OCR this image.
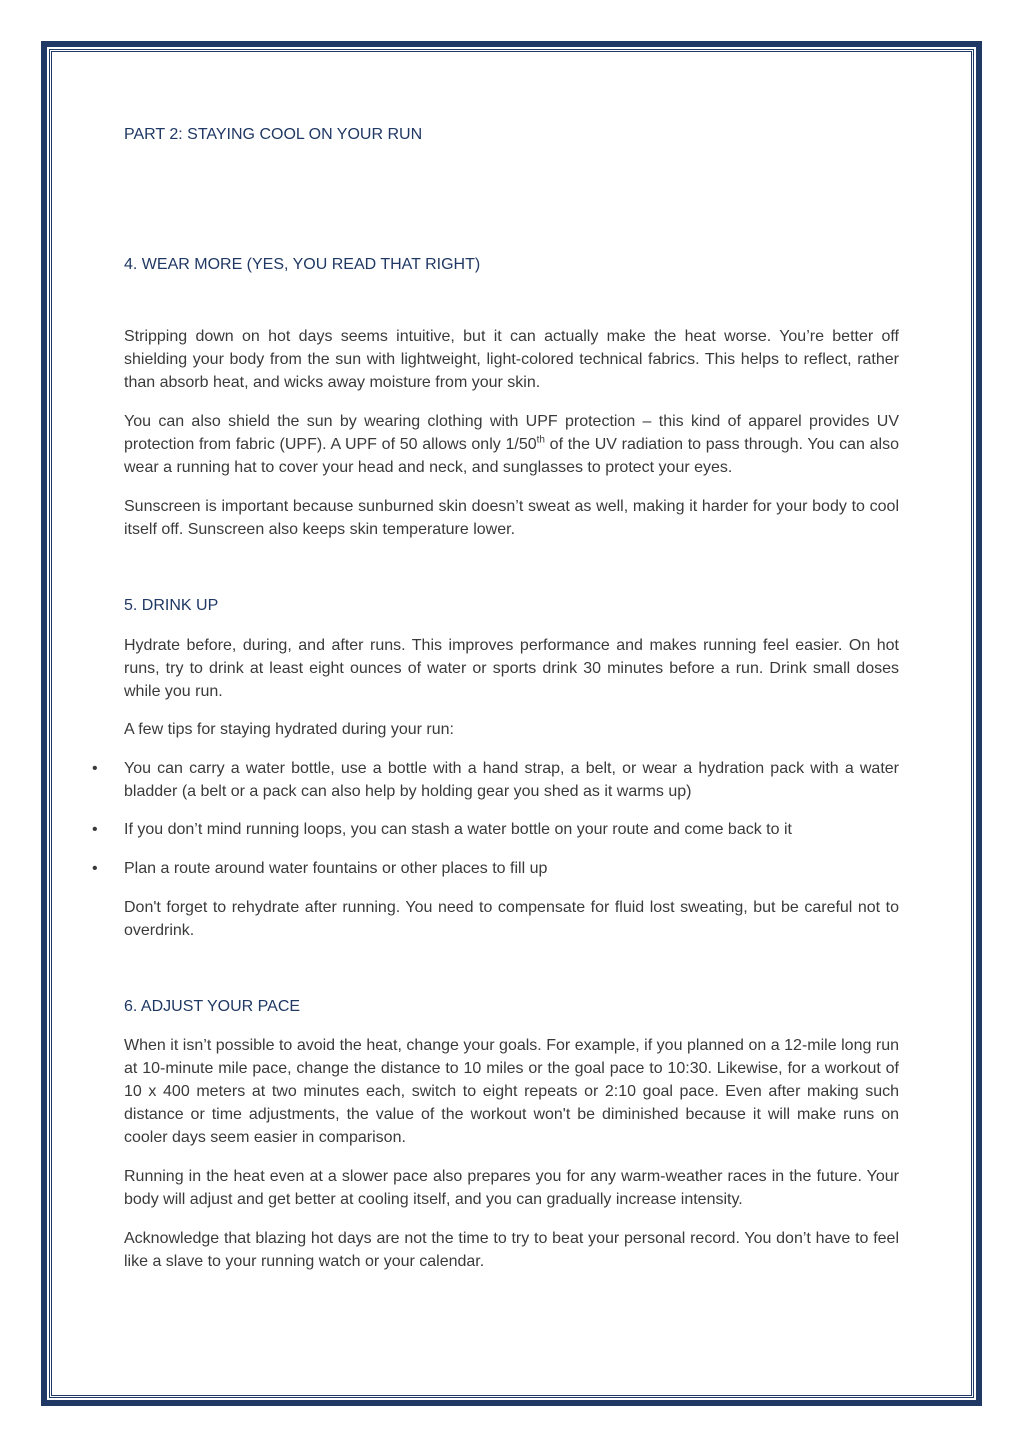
PART 2: STAYING COOL ON YOUR RUN
4. WEAR MORE (YES, YOU READ THAT RIGHT)

Stripping down on hot days seems intuitive, but it can actually make the heat worse. You’re better off shielding your body from the sun with lightweight, light-colored technical fabrics. This helps to reflect, rather than absorb heat, and wicks away moisture from your skin.

You can also shield the sun by wearing clothing with UPF protection – this kind of apparel provides UV protection from fabric (UPF). A UPF of 50 allows only 1/50th of the UV radiation to pass through. You can also wear a running hat to cover your head and neck, and sunglasses to protect your eyes.

Sunscreen is important because sunburned skin doesn’t sweat as well, making it harder for your body to cool itself off. Sunscreen also keeps skin temperature lower.

5. DRINK UP

Hydrate before, during, and after runs. This improves performance and makes running feel easier. On hot runs, try to drink at least eight ounces of water or sports drink 30 minutes before a run. Drink small doses while you run.

A few tips for staying hydrated during your run:

• You can carry a water bottle, use a bottle with a hand strap, a belt, or wear a hydration pack with a water bladder (a belt or a pack can also help by holding gear you shed as it warms up)

• If you don’t mind running loops, you can stash a water bottle on your route and come back to it

• Plan a route around water fountains or other places to fill up

Don't forget to rehydrate after running. You need to compensate for fluid lost sweating, but be careful not to overdrink.

6. ADJUST YOUR PACE

When it isn’t possible to avoid the heat, change your goals. For example, if you planned on a 12-mile long run at 10-minute mile pace, change the distance to 10 miles or the goal pace to 10:30. Likewise, for a workout of 10 x 400 meters at two minutes each, switch to eight repeats or 2:10 goal pace. Even after making such distance or time adjustments, the value of the workout won't be diminished because it will make runs on cooler days seem easier in comparison.

Running in the heat even at a slower pace also prepares you for any warm-weather races in the future. Your body will adjust and get better at cooling itself, and you can gradually increase intensity.

Acknowledge that blazing hot days are not the time to try to beat your personal record. You don’t have to feel like a slave to your running watch or your calendar.
